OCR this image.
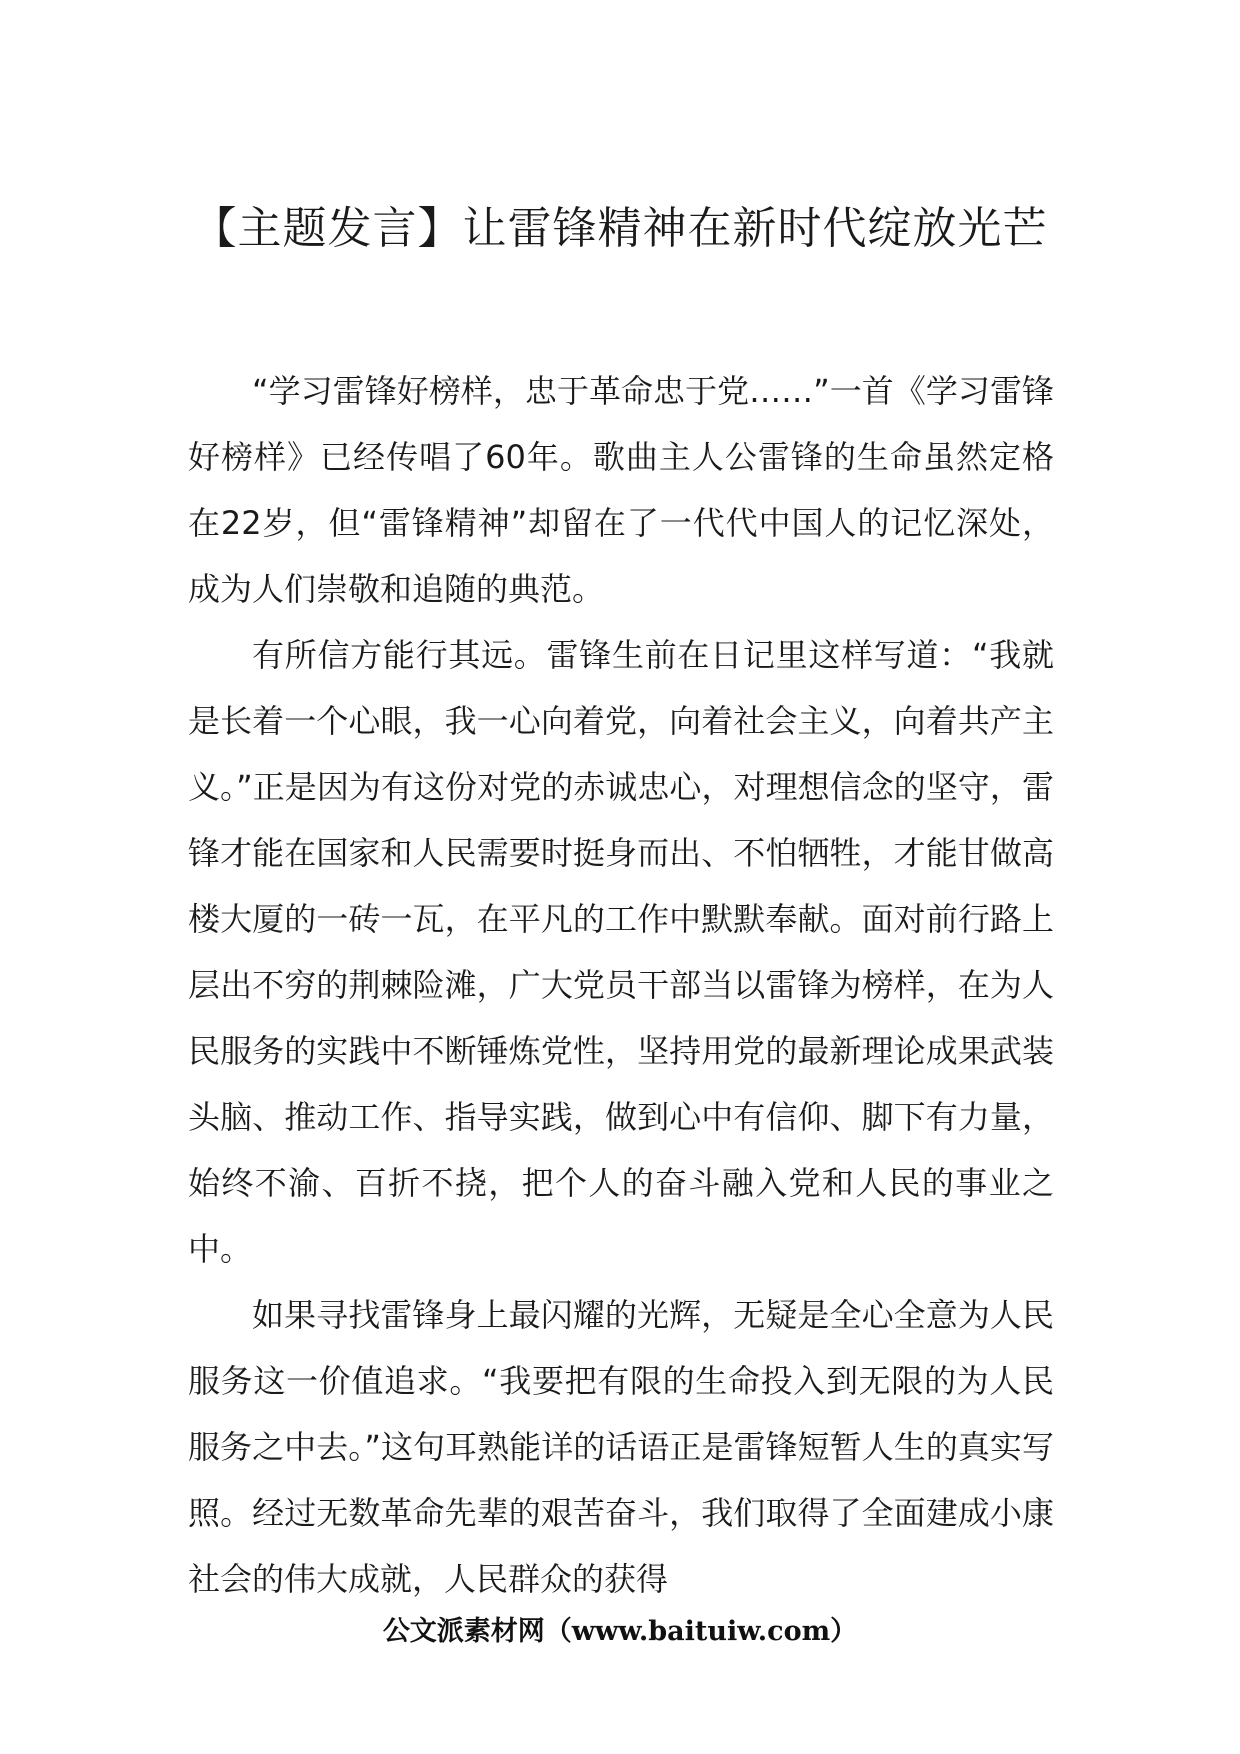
【主题发言】让雷锋精神在新时代绽放光芒

“学习雷锋好榜样，忠于革命忠于党……”一首《学习雷锋好榜样》已经传唱了60年。歌曲主人公雷锋的生命虽然定格在22岁，但“雷锋精神”却留在了一代代中国人的记忆深处，成为人们崇敬和追随的典范。

有所信方能行其远。雷锋生前在日记里这样写道：“我就是长着一个心眼，我一心向着党，向着社会主义，向着共产主义。”正是因为有这份对党的赤诚忠心，对理想信念的坚守，雷锋才能在国家和人民需要时挺身而出、不怕牺牲，才能甘做高楼大厦的一砖一瓦，在平凡的工作中默默奉献。面对前行路上层出不穷的荆棘险滩，广大党员干部当以雷锋为榜样，在为人民服务的实践中不断锤炼党性，坚持用党的最新理论成果武装头脑、推动工作、指导实践，做到心中有信仰、脚下有力量，始终不渝、百折不挠，把个人的奋斗融入党和人民的事业之中。

如果寻找雷锋身上最闪耀的光辉，无疑是全心全意为人民服务这一价值追求。“我要把有限的生命投入到无限的为人民服务之中去。”这句耳熟能详的话语正是雷锋短暂人生的真实写照。经过无数革命先辈的艰苦奋斗，我们取得了全面建成小康社会的伟大成就，人民群众的获得

公文派素材网（www.baituiw.com）
